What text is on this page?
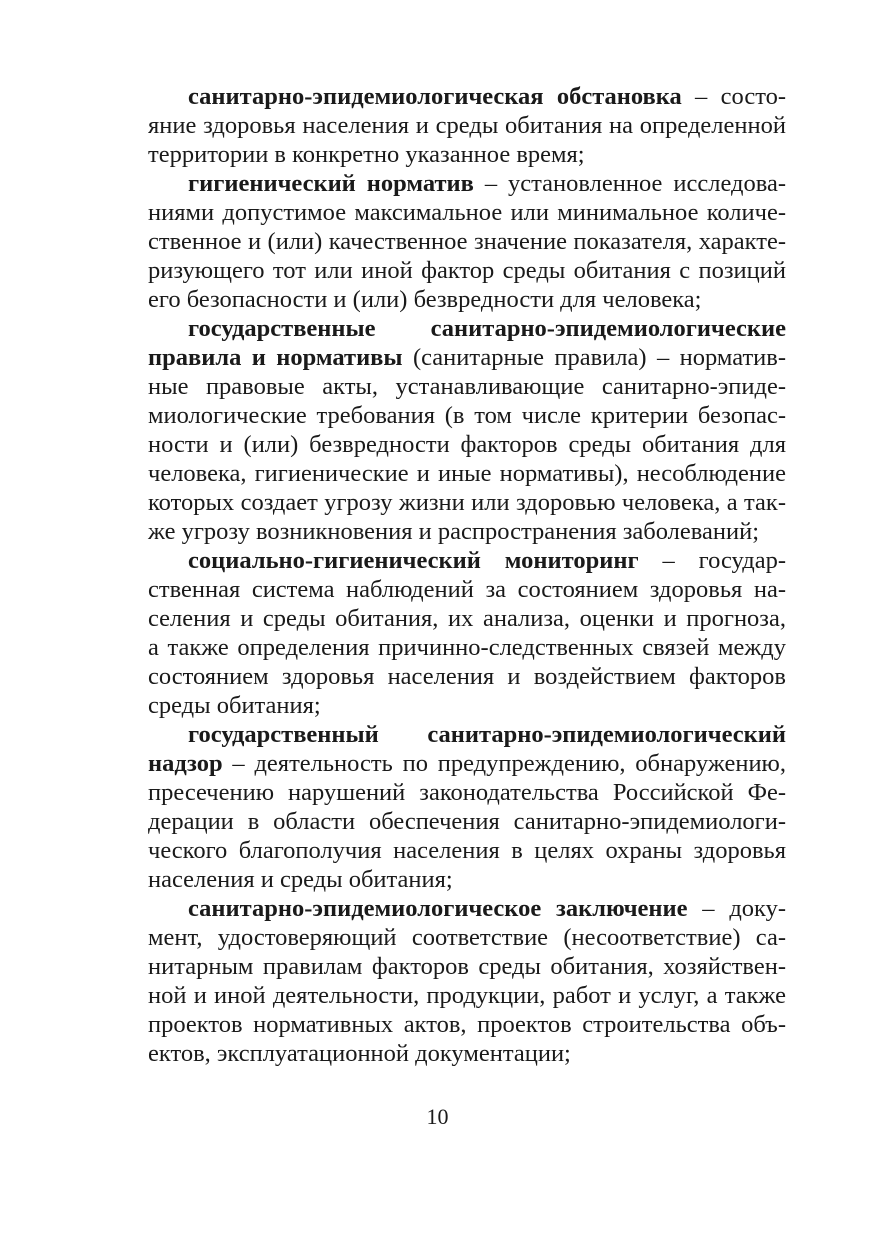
санитарно-эпидемиологическая обстановка – состо-
яние здоровья населения и среды обитания на определенной
территории в конкретно указанное время;
гигиенический норматив – установленное исследова-
ниями допустимое максимальное или минимальное количе-
ственное и (или) качественное значение показателя, характе-
ризующего тот или иной фактор среды обитания с позиций
его безопасности и (или) безвредности для человека;
государственные санитарно-эпидемиологические
правила и нормативы (санитарные правила) – норматив-
ные правовые акты, устанавливающие санитарно-эпиде-
миологические требования (в том числе критерии безопас-
ности и (или) безвредности факторов среды обитания для
человека, гигиенические и иные нормативы), несоблюдение
которых создает угрозу жизни или здоровью человека, а так-
же угрозу возникновения и распространения заболеваний;
социально-гигиенический мониторинг – государ-
ственная система наблюдений за состоянием здоровья на-
селения и среды обитания, их анализа, оценки и прогноза,
а также определения причинно-следственных связей между
состоянием здоровья населения и воздействием факторов
среды обитания;
государственный санитарно-эпидемиологический
надзор – деятельность по предупреждению, обнаружению,
пресечению нарушений законодательства Российской Фе-
дерации в области обеспечения санитарно-эпидемиологи-
ческого благополучия населения в целях охраны здоровья
населения и среды обитания;
санитарно-эпидемиологическое заключение – доку-
мент, удостоверяющий соответствие (несоответствие) са-
нитарным правилам факторов среды обитания, хозяйствен-
ной и иной деятельности, продукции, работ и услуг, а также
проектов нормативных актов, проектов строительства объ-
ектов, эксплуатационной документации;
10
